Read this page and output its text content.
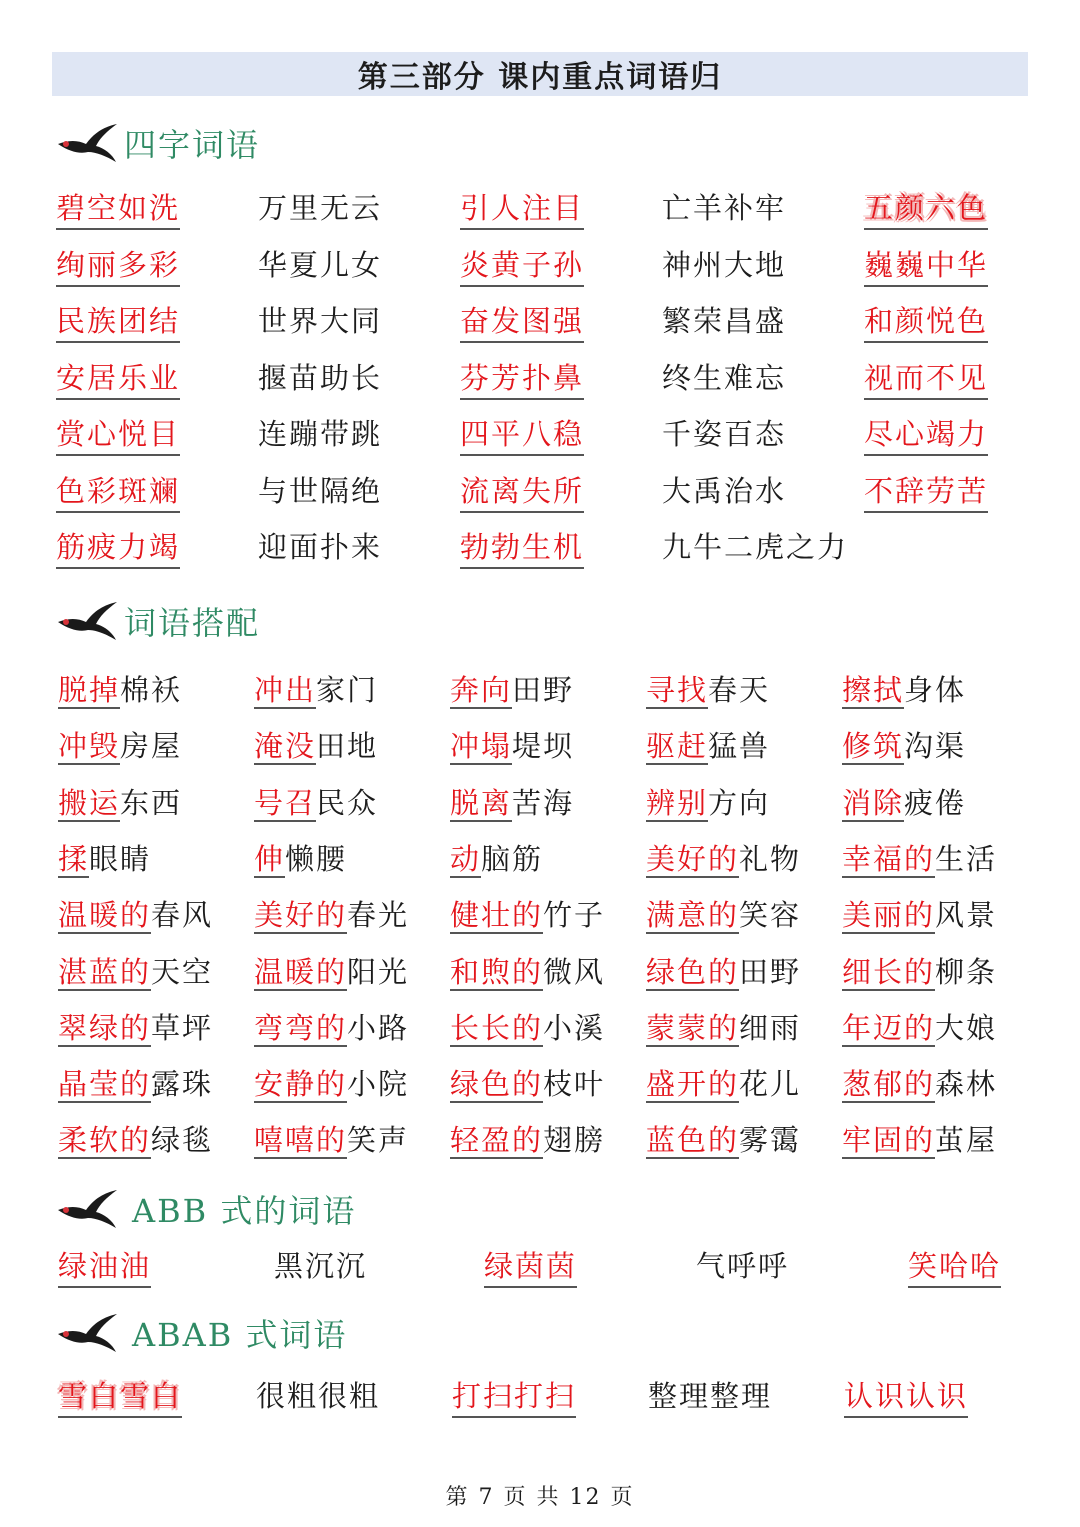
第三部分 课内重点词语归
四字词语
碧空如洗	万里无云	引人注目	亡羊补牢	五颜六色
绚丽多彩	华夏儿女	炎黄子孙	神州大地	巍巍中华
民族团结	世界大同	奋发图强	繁荣昌盛	和颜悦色
安居乐业	揠苗助长	芬芳扑鼻	终生难忘	视而不见
赏心悦目	连蹦带跳	四平八稳	千姿百态	尽心竭力
色彩斑斓	与世隔绝	流离失所	大禹治水	不辞劳苦
筋疲力竭	迎面扑来	勃勃生机	九牛二虎之力
词语搭配
脱掉棉袄 冲出家门 奔向田野 寻找春天 擦拭身体
冲毁房屋 淹没田地 冲塌堤坝 驱赶猛兽 修筑沟渠
搬运东西 号召民众 脱离苦海 辨别方向 消除疲倦
揉眼睛	伸懒腰	动脑筋	美好的礼物 幸福的生活
温暖的春风 美好的春光 健壮的竹子 满意的笑容 美丽的风景
湛蓝的天空 温暖的阳光 和煦的微风 绿色的田野 细长的柳条
翠绿的草坪 弯弯的小路 长长的小溪 蒙蒙的细雨 年迈的大娘
晶莹的露珠 安静的小院 绿色的枝叶 盛开的花儿 葱郁的森林
柔软的绿毯 嘻嘻的笑声 轻盈的翅膀 蓝色的雾霭 牢固的茧屋
ABB 式的词语
绿油油	黑沉沉	绿茵茵	气呼呼	笑哈哈
ABAB 式词语
雪白雪白	很粗很粗 打扫打扫 整理整理 认识认识
第 7 页 共 12 页
